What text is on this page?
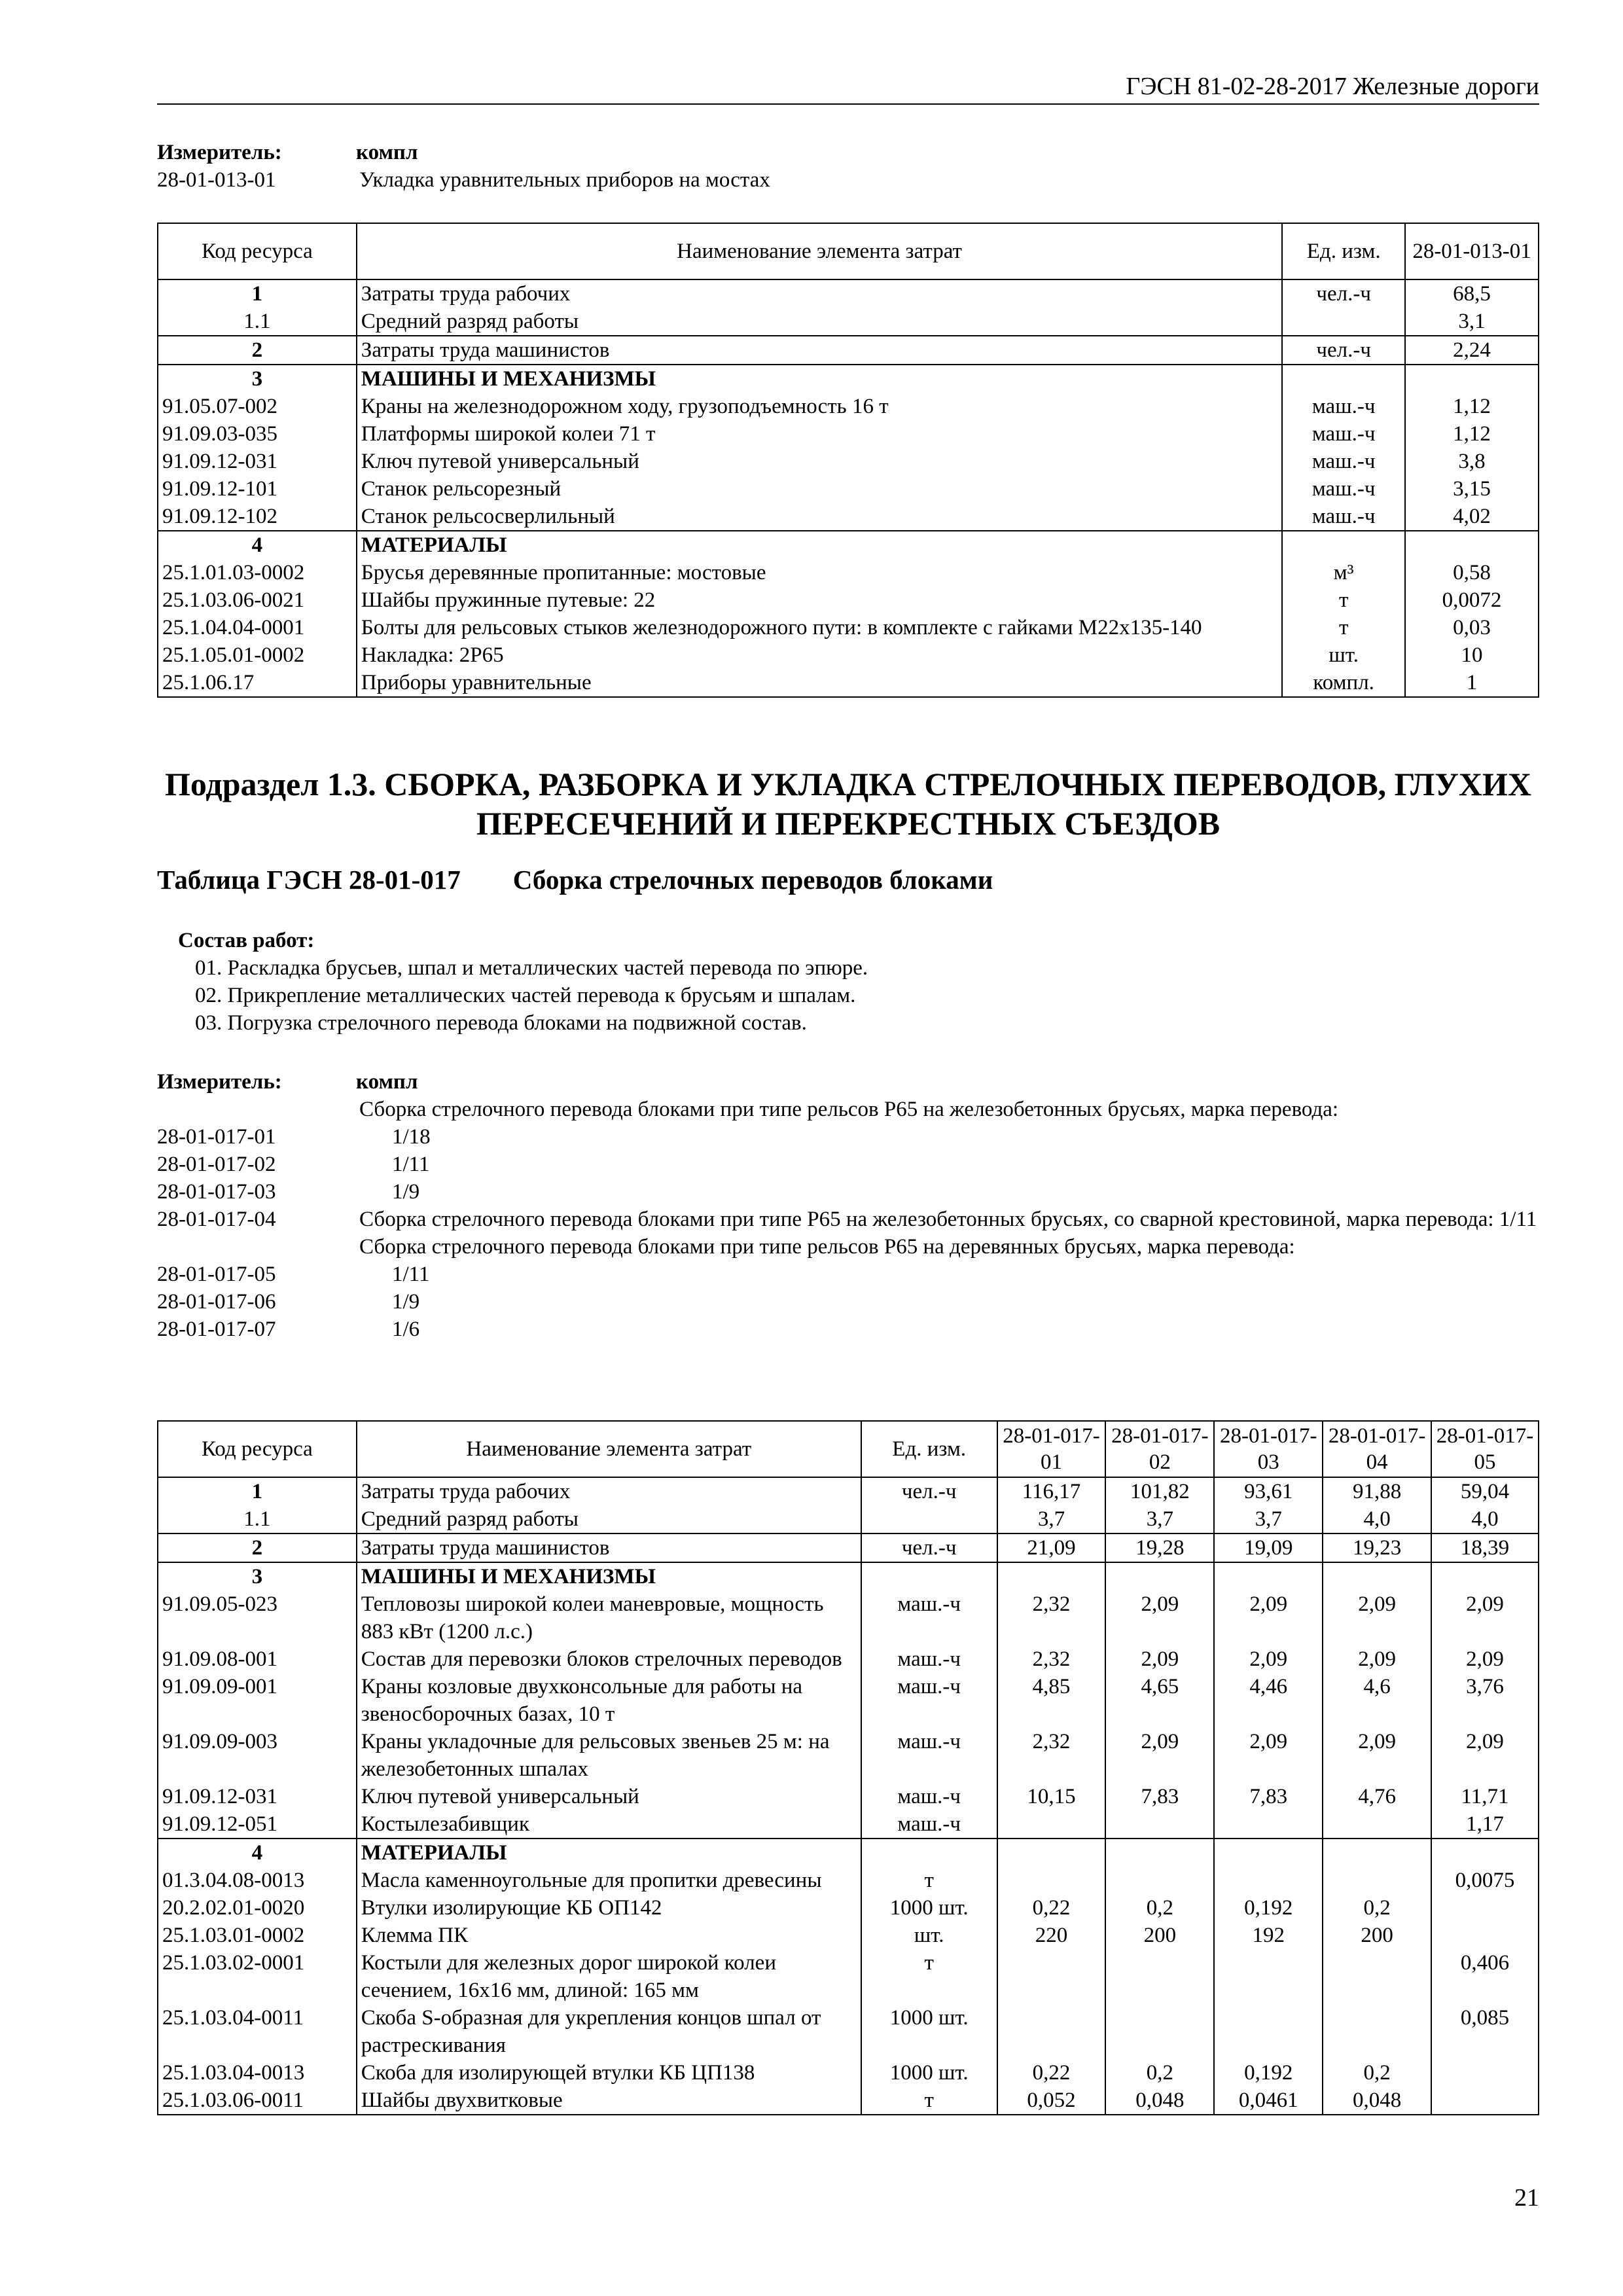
ГЭСН 81-02-28-2017 Железные дороги
Измеритель:	компл
28-01-013-01	Укладка уравнительных приборов на мостах
Код ресурса	Наименование элемента затрат	Ед. изм.	28-01-013-01
1	Затраты труда рабочих	чел.-ч	68,5
1.1	Средний разряд работы		3,1
2	Затраты труда машинистов	чел.-ч	2,24
3	МАШИНЫ И МЕХАНИЗМЫ		
91.05.07-002	Краны на железнодорожном ходу, грузоподъемность 16 т	маш.-ч	1,12
91.09.03-035	Платформы широкой колеи 71 т	маш.-ч	1,12
91.09.12-031	Ключ путевой универсальный	маш.-ч	3,8
91.09.12-101	Станок рельсорезный	маш.-ч	3,15
91.09.12-102	Станок рельсосверлильный	маш.-ч	4,02
4	МАТЕРИАЛЫ		
25.1.01.03-0002	Брусья деревянные пропитанные: мостовые	м³	0,58
25.1.03.06-0021	Шайбы пружинные путевые: 22	т	0,0072
25.1.04.04-0001	Болты для рельсовых стыков железнодорожного пути: в комплекте с гайками М22х135-140	т	0,03
25.1.05.01-0002	Накладка: 2Р65	шт.	10
25.1.06.17	Приборы уравнительные	компл.	1
Подраздел 1.3. СБОРКА, РАЗБОРКА И УКЛАДКА СТРЕЛОЧНЫХ ПЕРЕВОДОВ, ГЛУХИХ ПЕРЕСЕЧЕНИЙ И ПЕРЕКРЕСТНЫХ СЪЕЗДОВ
Таблица ГЭСН 28-01-017 Сборка стрелочных переводов блоками
Состав работ:
01. Раскладка брусьев, шпал и металлических частей перевода по эпюре.
02. Прикрепление металлических частей перевода к брусьям и шпалам.
03. Погрузка стрелочного перевода блоками на подвижной состав.
Измеритель:	компл
Сборка стрелочного перевода блоками при типе рельсов Р65 на железобетонных брусьях, марка перевода:
28-01-017-01	1/18
28-01-017-02	1/11
28-01-017-03	1/9
28-01-017-04	Сборка стрелочного перевода блоками при типе Р65 на железобетонных брусьях, со сварной крестовиной, марка перевода: 1/11
Сборка стрелочного перевода блоками при типе рельсов Р65 на деревянных брусьях, марка перевода:
28-01-017-05	1/11
28-01-017-06	1/9
28-01-017-07	1/6
Код ресурса	Наименование элемента затрат	Ед. изм.	28-01-017-01	28-01-017-02	28-01-017-03	28-01-017-04	28-01-017-05
1	Затраты труда рабочих	чел.-ч	116,17	101,82	93,61	91,88	59,04
1.1	Средний разряд работы		3,7	3,7	3,7	4,0	4,0
2	Затраты труда машинистов	чел.-ч	21,09	19,28	19,09	19,23	18,39
3	МАШИНЫ И МЕХАНИЗМЫ						
91.09.05-023	Тепловозы широкой колеи маневровые, мощность 883 кВт (1200 л.с.)	маш.-ч	2,32	2,09	2,09	2,09	2,09
91.09.08-001	Состав для перевозки блоков стрелочных переводов	маш.-ч	2,32	2,09	2,09	2,09	2,09
91.09.09-001	Краны козловые двухконсольные для работы на звеносборочных базах, 10 т	маш.-ч	4,85	4,65	4,46	4,6	3,76
91.09.09-003	Краны укладочные для рельсовых звеньев 25 м: на железобетонных шпалах	маш.-ч	2,32	2,09	2,09	2,09	2,09
91.09.12-031	Ключ путевой универсальный	маш.-ч	10,15	7,83	7,83	4,76	11,71
91.09.12-051	Костылезабивщик	маш.-ч					1,17
4	МАТЕРИАЛЫ						
01.3.04.08-0013	Масла каменноугольные для пропитки древесины	т					0,0075
20.2.02.01-0020	Втулки изолирующие КБ ОП142	1000 шт.	0,22	0,2	0,192	0,2	
25.1.03.01-0002	Клемма ПК	шт.	220	200	192	200	
25.1.03.02-0001	Костыли для железных дорог широкой колеи сечением, 16х16 мм, длиной: 165 мм	т					0,406
25.1.03.04-0011	Скоба S-образная для укрепления концов шпал от растрескивания	1000 шт.					0,085
25.1.03.04-0013	Скоба для изолирующей втулки КБ ЦП138	1000 шт.	0,22	0,2	0,192	0,2	
25.1.03.06-0011	Шайбы двухвитковые	т	0,052	0,048	0,0461	0,048	
21
